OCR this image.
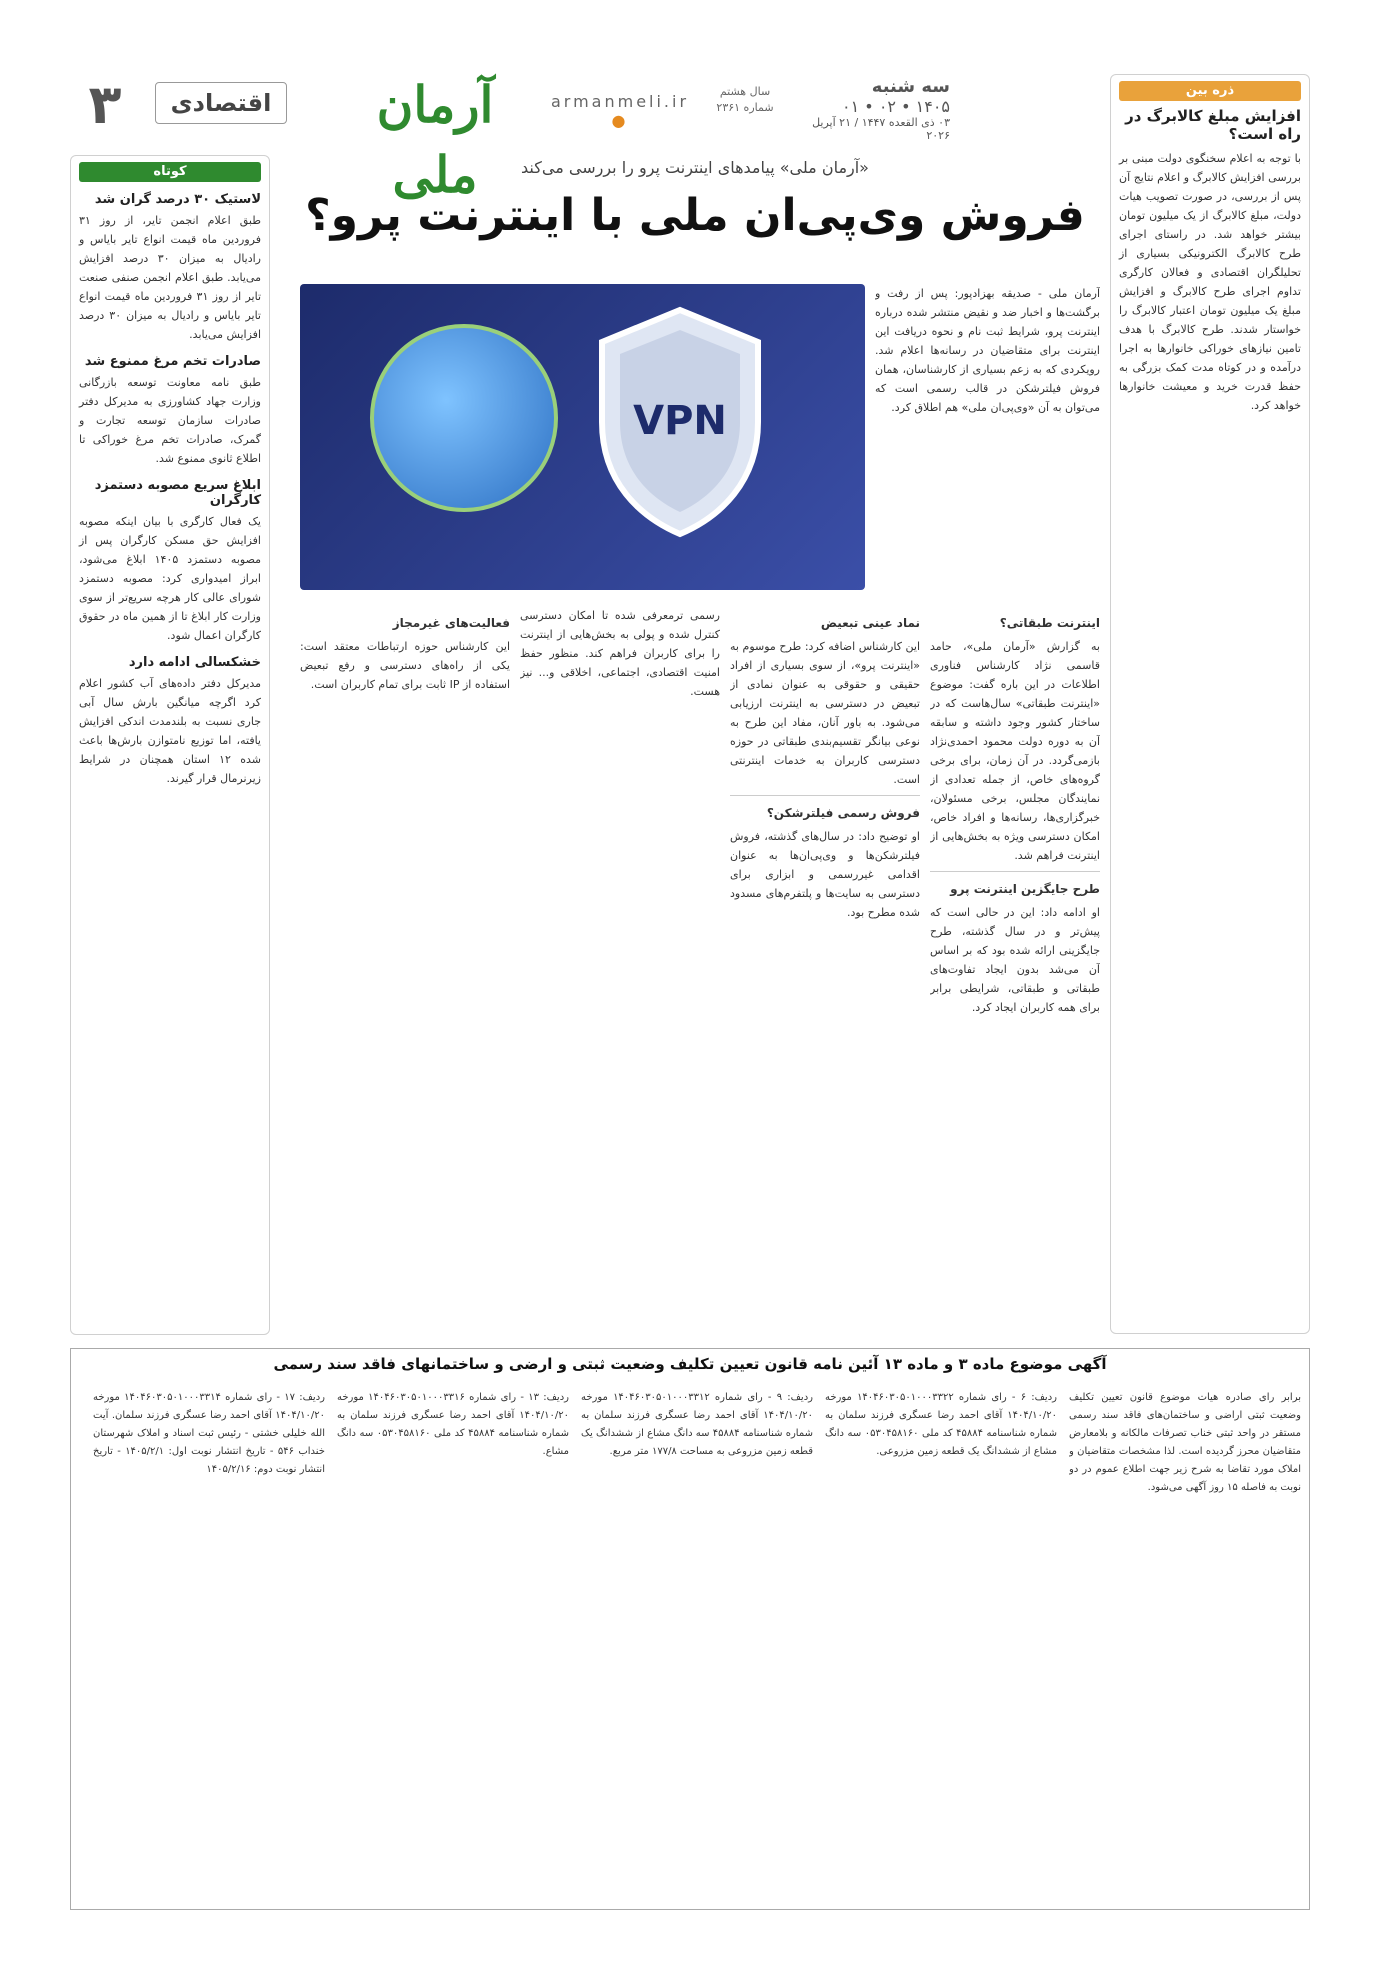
۳	اقتصادی	آرمان ملی
armanmeli.ir ●
سال هشتم
شماره ۲۳۶۱
سه شنبه
۱۴۰۵ • ۰۲ • ۰۱
۰۳ ذی القعده ۱۴۴۷ / ۲۱ آپریل ۲۰۲۶
ذره بین
افزایش مبلغ کالابرگ در راه است؟
با توجه به اعلام سخنگوی دولت مبنی بر بررسی افزایش کالابرگ و اعلام نتایج آن پس از بررسی، در صورت تصویب هیات دولت، مبلغ کالابرگ از یک میلیون تومان بیشتر خواهد شد. در راستای اجرای طرح کالابرگ الکترونیکی بسیاری از تحلیلگران اقتصادی و فعالان کارگری تداوم اجرای طرح کالابرگ و افزایش مبلغ یک میلیون تومان اعتبار کالابرگ را خواستار شدند. طرح کالابرگ با هدف تامین نیازهای خوراکی خانوارها به اجرا درآمده و در کوتاه مدت کمک بزرگی به حفظ قدرت خرید و معیشت خانوارها خواهد کرد.
«آرمان ملی» پیامدهای اینترنت پرو را بررسی می‌کند
فروش وی‌پی‌ان ملی با اینترنت پرو؟
VPN
آرمان ملی - صدیقه بهزادپور: پس از رفت و برگشت‌ها و اخبار ضد و نقیض منتشر شده درباره اینترنت پرو، شرایط ثبت نام و نحوه دریافت این اینترنت برای متقاضیان در رسانه‌ها اعلام شد. رویکردی که به زعم بسیاری از کارشناسان، همان فروش فیلترشکن در قالب رسمی است که می‌توان به آن «وی‌پی‌ان ملی» هم اطلاق کرد.
اینترنت طبقاتی؟
به گزارش «آرمان ملی»، حامد قاسمی نژاد کارشناس فناوری اطلاعات در این باره گفت: موضوع «اینترنت طبقاتی» سال‌هاست که در ساختار کشور وجود داشته و سابقه آن به دوره دولت محمود احمدی‌نژاد بازمی‌گردد. در آن زمان، برای برخی گروه‌های خاص، از جمله تعدادی از نمایندگان مجلس، برخی مسئولان، خبرگزاری‌ها، رسانه‌ها و افراد خاص، امکان دسترسی ویژه به بخش‌هایی از اینترنت فراهم شد.
طرح جایگزین اینترنت پرو
او ادامه داد: این در حالی است که پیش‌تر و در سال گذشته، طرح جایگزینی ارائه شده بود که بر اساس آن می‌شد بدون ایجاد تفاوت‌های طبقاتی و طبقاتی، شرایطی برابر برای همه کاربران ایجاد کرد.
نماد عینی تبعیض
این کارشناس اضافه کرد: طرح موسوم به «اینترنت پرو»، از سوی بسیاری از افراد حقیقی و حقوقی به عنوان نمادی از تبعیض در دسترسی به اینترنت ارزیابی می‌شود. به باور آنان، مفاد این طرح به نوعی بیانگر تقسیم‌بندی طبقاتی در حوزه دسترسی کاربران به خدمات اینترنتی است.
فروش رسمی فیلترشکن؟
او توضیح داد: در سال‌های گذشته، فروش فیلترشکن‌ها و وی‌پی‌ان‌ها به عنوان اقدامی غیررسمی و ابزاری برای دسترسی به سایت‌ها و پلتفرم‌های مسدود شده مطرح بود.
رسمی ترمعرفی شده تا امکان دسترسی کنترل شده و پولی به بخش‌هایی از اینترنت را برای کاربران فراهم کند. منظور حفظ امنیت اقتصادی، اجتماعی، اخلاقی و... نیز هست.
فعالیت‌های غیرمجاز
این کارشناس حوزه ارتباطات معتقد است: یکی از راه‌های دسترسی و رفع تبعیض استفاده از IP ثابت برای تمام کاربران است.
کوتاه
لاستیک ۳۰ درصد گران شد
طبق اعلام انجمن تایر، از روز ۳۱ فروردین ماه قیمت انواع تایر باياس و رادیال به میزان ۳۰ درصد افزایش می‌یابد. طبق اعلام انجمن صنفی صنعت تایر از روز ۳۱ فروردین ماه قیمت انواع تایر باياس و رادیال به میزان ۳۰ درصد افزایش می‌یابد.
صادرات تخم مرغ ممنوع شد
طبق نامه معاونت توسعه بازرگانی وزارت جهاد کشاورزی به مدیرکل دفتر صادرات سازمان توسعه تجارت و گمرک، صادرات تخم مرغ خوراکی تا اطلاع ثانوی ممنوع شد.
ابلاغ سریع مصوبه دستمزد کارگران
یک فعال کارگری با بیان اینکه مصوبه افزایش حق مسکن کارگران پس از مصوبه دستمزد ۱۴۰۵ ابلاغ می‌شود، ابراز امیدواری کرد: مصوبه دستمزد شورای عالی کار هرچه سریع‌تر از سوی وزارت کار ابلاغ تا از همین ماه در حقوق کارگران اعمال شود.
خشکسالی ادامه دارد
مدیرکل دفتر داده‌های آب کشور اعلام کرد اگرچه میانگین بارش سال آبی جاری نسبت به بلندمدت اندکی افزایش یافته، اما توزیع نامتوازن بارش‌ها باعث شده ۱۲ استان همچنان در شرایط زیرنرمال قرار گیرند.
آگهی موضوع ماده ۳ و ماده ۱۳ آئین نامه قانون تعیین تکلیف وضعیت ثبتی و ارضی و ساختمانهای فاقد سند رسمی
برابر رای صادره هیات موضوع قانون تعیین تکلیف وضعیت ثبتی اراضی و ساختمان‌های فاقد سند رسمی مستقر در واحد ثبتی خناب تصرفات مالکانه و بلامعارض متقاضیان محرز گردیده است. لذا مشخصات متقاضیان و املاک مورد تقاضا به شرح زیر جهت اطلاع عموم در دو نوبت به فاصله ۱۵ روز آگهی می‌شود.
ردیف: ۶ - رای شماره ۱۴۰۴۶۰۳۰۵۰۱۰۰۰۳۳۲۲ مورخه ۱۴۰۴/۱۰/۲۰ آقای احمد رضا عسگری فرزند سلمان به شماره شناسنامه ۴۵۸۸۴ کد ملی ۰۵۳۰۴۵۸۱۶۰ سه دانگ مشاع از ششدانگ یک قطعه زمین مزروعی.
ردیف: ۹ - رای شماره ۱۴۰۴۶۰۳۰۵۰۱۰۰۰۳۳۱۲ مورخه ۱۴۰۴/۱۰/۲۰ آقای احمد رضا عسگری فرزند سلمان به شماره شناسنامه ۴۵۸۸۴ سه دانگ مشاع از ششدانگ یک قطعه زمین مزروعی به مساحت ۱۷۷/۸ متر مربع.
ردیف: ۱۳ - رای شماره ۱۴۰۴۶۰۳۰۵۰۱۰۰۰۳۳۱۶ مورخه ۱۴۰۴/۱۰/۲۰ آقای احمد رضا عسگری فرزند سلمان به شماره شناسنامه ۴۵۸۸۴ کد ملی ۰۵۳۰۴۵۸۱۶۰ سه دانگ مشاع.
ردیف: ۱۷ - رای شماره ۱۴۰۴۶۰۳۰۵۰۱۰۰۰۳۳۱۴ مورخه ۱۴۰۴/۱۰/۲۰ آقای احمد رضا عسگری فرزند سلمان. آیت الله خلیلی خشتی - رئیس ثبت اسناد و املاک شهرستان خنداب ۵۴۶ - تاریخ انتشار نوبت اول: ۱۴۰۵/۲/۱ - تاریخ انتشار نوبت دوم: ۱۴۰۵/۲/۱۶
